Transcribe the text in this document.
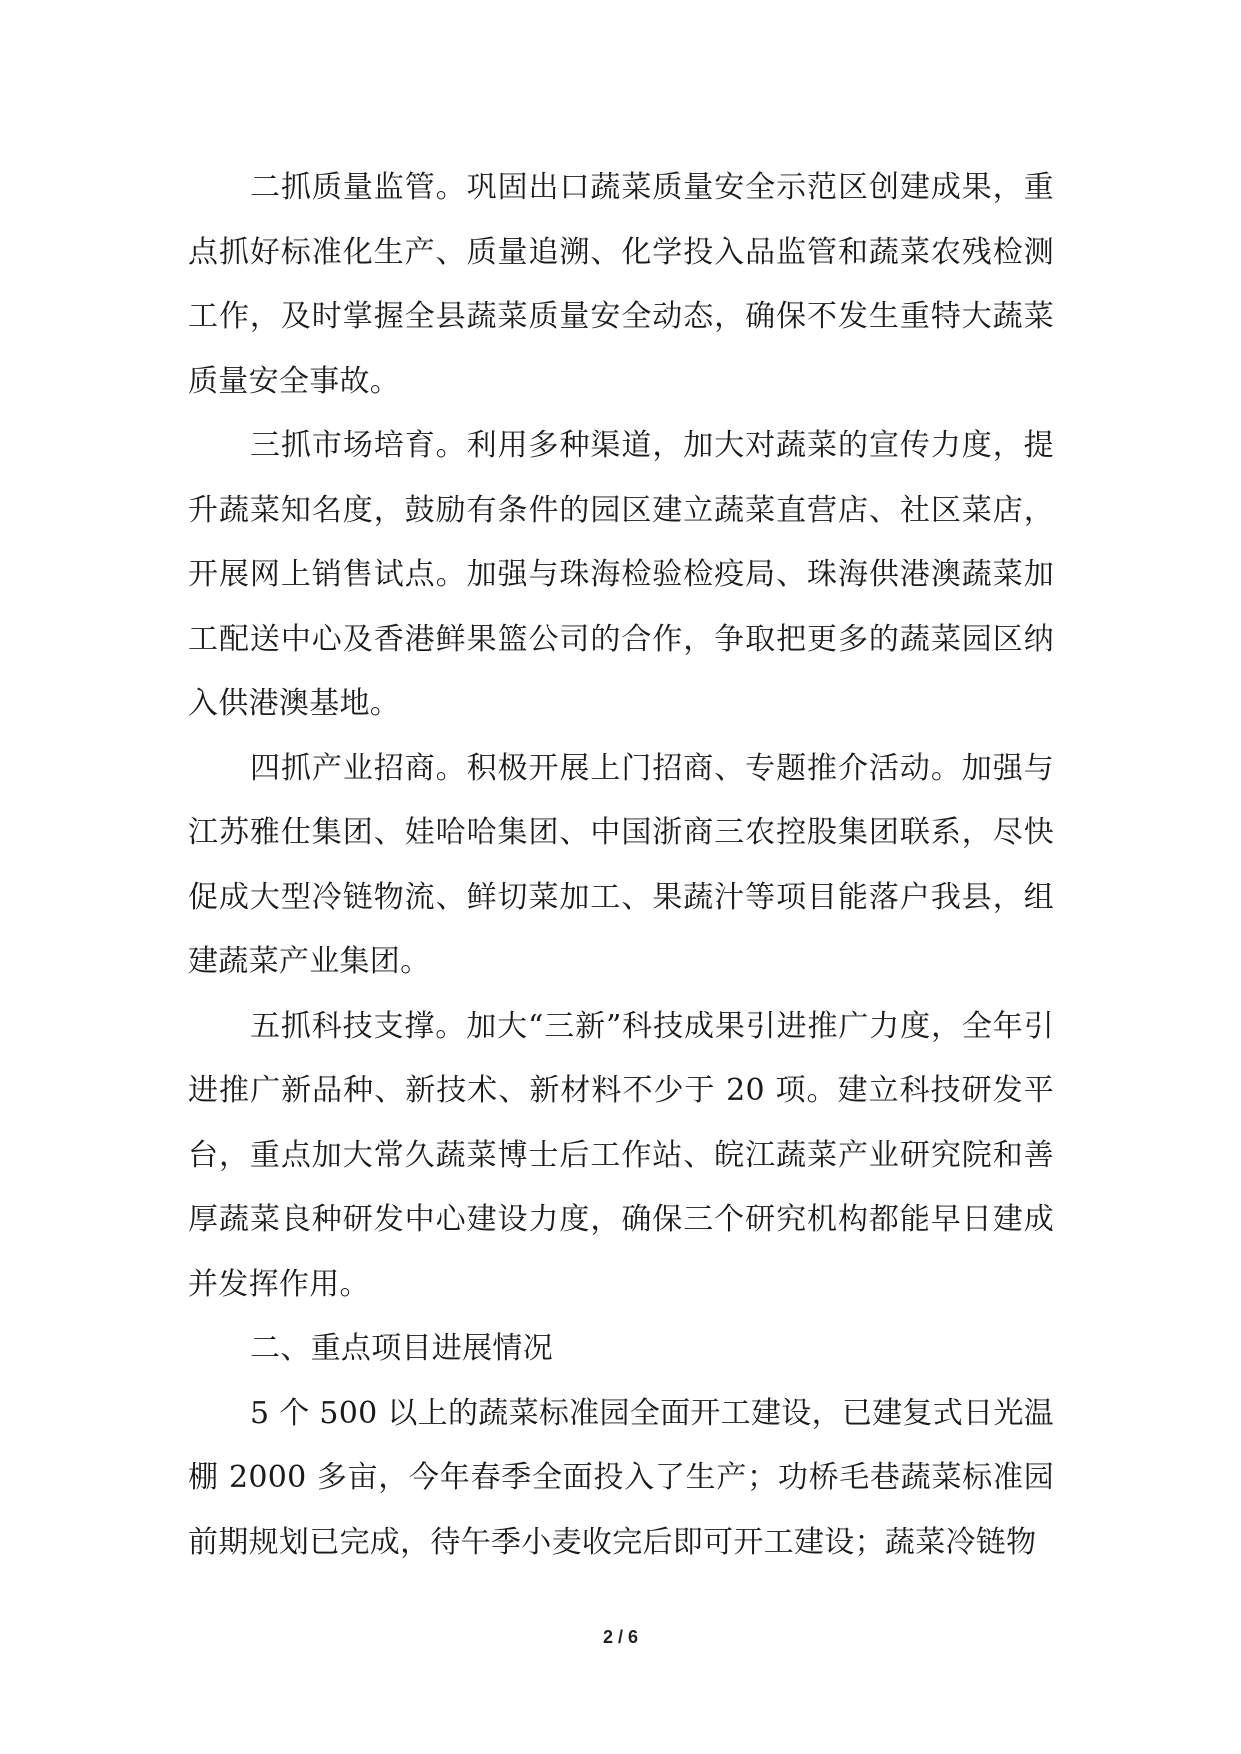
二抓质量监管。巩固出口蔬菜质量安全示范区创建成果，重点抓好标准化生产、质量追溯、化学投入品监管和蔬菜农残检测工作，及时掌握全县蔬菜质量安全动态，确保不发生重特大蔬菜质量安全事故。

三抓市场培育。利用多种渠道，加大对蔬菜的宣传力度，提升蔬菜知名度，鼓励有条件的园区建立蔬菜直营店、社区菜店，开展网上销售试点。加强与珠海检验检疫局、珠海供港澳蔬菜加工配送中心及香港鲜果篮公司的合作，争取把更多的蔬菜园区纳入供港澳基地。

四抓产业招商。积极开展上门招商、专题推介活动。加强与江苏雅仕集团、娃哈哈集团、中国浙商三农控股集团联系，尽快促成大型冷链物流、鲜切菜加工、果蔬汁等项目能落户我县，组建蔬菜产业集团。

五抓科技支撑。加大“三新”科技成果引进推广力度，全年引进推广新品种、新技术、新材料不少于 20 项。建立科技研发平台，重点加大常久蔬菜博士后工作站、皖江蔬菜产业研究院和善厚蔬菜良种研发中心建设力度，确保三个研究机构都能早日建成并发挥作用。

二、重点项目进展情况

5 个 500 以上的蔬菜标准园全面开工建设，已建复式日光温棚 2000 多亩，今年春季全面投入了生产；功桥毛巷蔬菜标准园前期规划已完成，待午季小麦收完后即可开工建设；蔬菜冷链物

2 / 6
